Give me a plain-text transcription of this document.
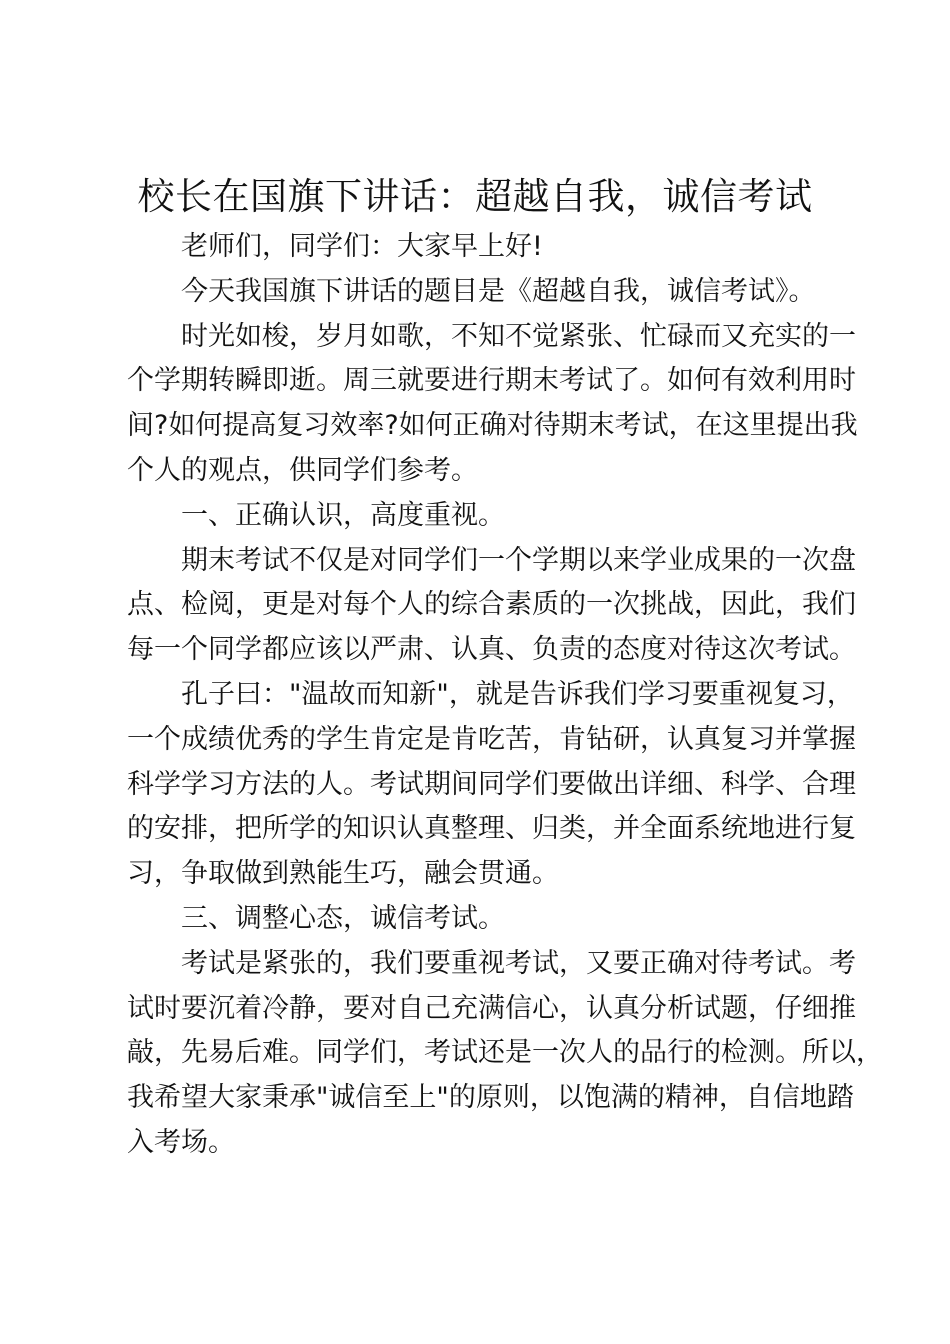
校长在国旗下讲话：超越自我，诚信考试
老师们，同学们：大家早上好!
今天我国旗下讲话的题目是《超越自我，诚信考试》。
时光如梭，岁月如歌，不知不觉紧张、忙碌而又充实的一
个学期转瞬即逝。周三就要进行期末考试了。如何有效利用时
间?如何提高复习效率?如何正确对待期末考试，在这里提出我
个人的观点，供同学们参考。
一、正确认识，高度重视。
期末考试不仅是对同学们一个学期以来学业成果的一次盘
点、检阅，更是对每个人的综合素质的一次挑战，因此，我们
每一个同学都应该以严肃、认真、负责的态度对待这次考试。
孔子曰："温故而知新"，就是告诉我们学习要重视复习，
一个成绩优秀的学生肯定是肯吃苦，肯钻研，认真复习并掌握
科学学习方法的人。考试期间同学们要做出详细、科学、合理
的安排，把所学的知识认真整理、归类，并全面系统地进行复
习，争取做到熟能生巧，融会贯通。
三、调整心态，诚信考试。
考试是紧张的，我们要重视考试，又要正确对待考试。考
试时要沉着冷静，要对自己充满信心，认真分析试题，仔细推
敲，先易后难。同学们，考试还是一次人的品行的检测。所以，
我希望大家秉承"诚信至上"的原则，以饱满的精神，自信地踏
入考场。
